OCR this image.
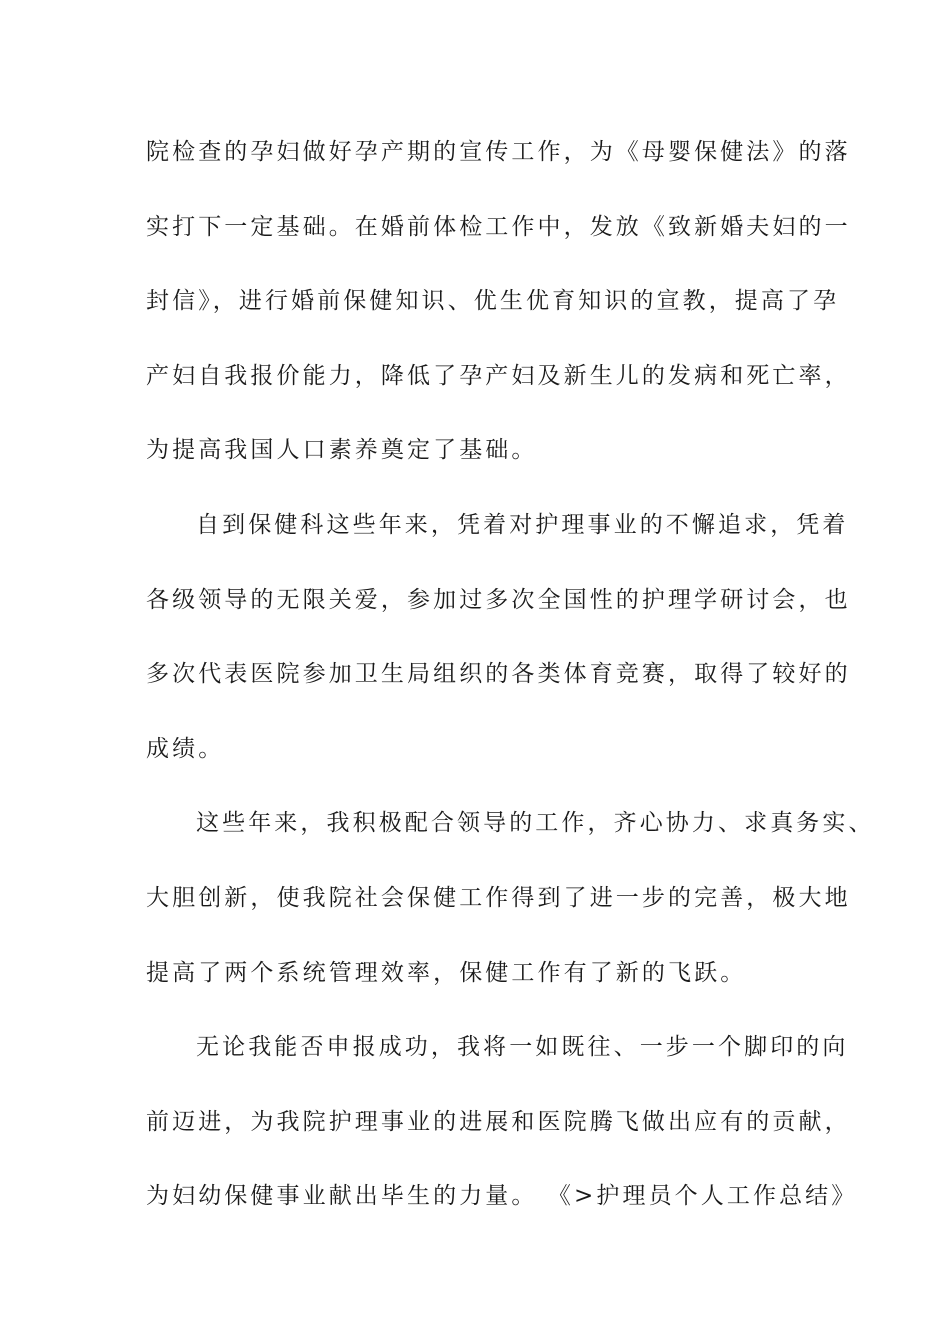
院检查的孕妇做好孕产期的宣传工作，为《母婴保健法》的落
实打下一定基础。在婚前体检工作中，发放《致新婚夫妇的一
封信》，进行婚前保健知识、优生优育知识的宣教，提高了孕
产妇自我报价能力，降低了孕产妇及新生儿的发病和死亡率，
为提高我国人口素养奠定了基础。
自到保健科这些年来，凭着对护理事业的不懈追求，凭着
各级领导的无限关爱，参加过多次全国性的护理学研讨会，也
多次代表医院参加卫生局组织的各类体育竞赛，取得了较好的
成绩。
这些年来，我积极配合领导的工作，齐心协力、求真务实、
大胆创新，使我院社会保健工作得到了进一步的完善，极大地
提高了两个系统管理效率，保健工作有了新的飞跃。
无论我能否申报成功，我将一如既往、一步一个脚印的向
前迈进，为我院护理事业的进展和医院腾飞做出应有的贡献，
为妇幼保健事业献出毕生的力量。 《>护理员个人工作总结》
